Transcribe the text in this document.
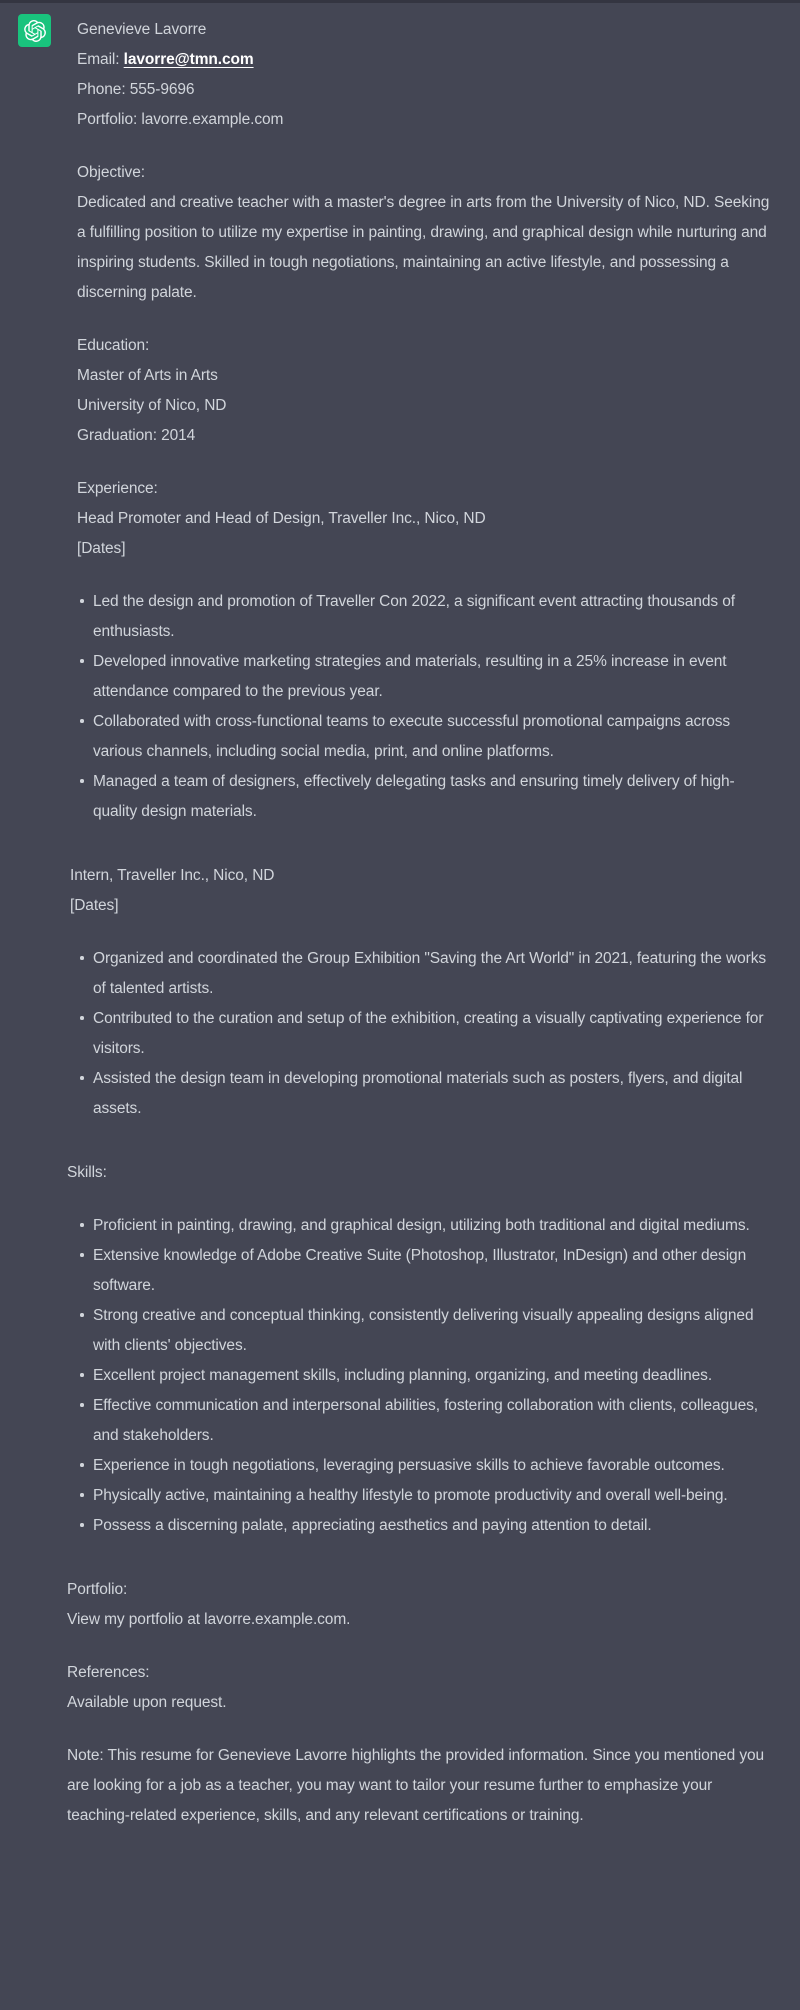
Genevieve Lavorre
Email: lavorre@tmn.com
Phone: 555-9696
Portfolio: lavorre.example.com
Objective:
Dedicated and creative teacher with a master's degree in arts from the University of Nico, ND. Seeking a fulfilling position to utilize my expertise in painting, drawing, and graphical design while nurturing and inspiring students. Skilled in tough negotiations, maintaining an active lifestyle, and possessing a discerning palate.
Education:
Master of Arts in Arts
University of Nico, ND
Graduation: 2014
Experience:
Head Promoter and Head of Design, Traveller Inc., Nico, ND
[Dates]
Led the design and promotion of Traveller Con 2022, a significant event attracting thousands of enthusiasts.
Developed innovative marketing strategies and materials, resulting in a 25% increase in event attendance compared to the previous year.
Collaborated with cross-functional teams to execute successful promotional campaigns across various channels, including social media, print, and online platforms.
Managed a team of designers, effectively delegating tasks and ensuring timely delivery of high-quality design materials.
Intern, Traveller Inc., Nico, ND
[Dates]
Organized and coordinated the Group Exhibition "Saving the Art World" in 2021, featuring the works of talented artists.
Contributed to the curation and setup of the exhibition, creating a visually captivating experience for visitors.
Assisted the design team in developing promotional materials such as posters, flyers, and digital assets.
Skills:
Proficient in painting, drawing, and graphical design, utilizing both traditional and digital mediums.
Extensive knowledge of Adobe Creative Suite (Photoshop, Illustrator, InDesign) and other design software.
Strong creative and conceptual thinking, consistently delivering visually appealing designs aligned with clients' objectives.
Excellent project management skills, including planning, organizing, and meeting deadlines.
Effective communication and interpersonal abilities, fostering collaboration with clients, colleagues, and stakeholders.
Experience in tough negotiations, leveraging persuasive skills to achieve favorable outcomes.
Physically active, maintaining a healthy lifestyle to promote productivity and overall well-being.
Possess a discerning palate, appreciating aesthetics and paying attention to detail.
Portfolio:
View my portfolio at lavorre.example.com.
References:
Available upon request.
Note: This resume for Genevieve Lavorre highlights the provided information. Since you mentioned you are looking for a job as a teacher, you may want to tailor your resume further to emphasize your teaching-related experience, skills, and any relevant certifications or training.
